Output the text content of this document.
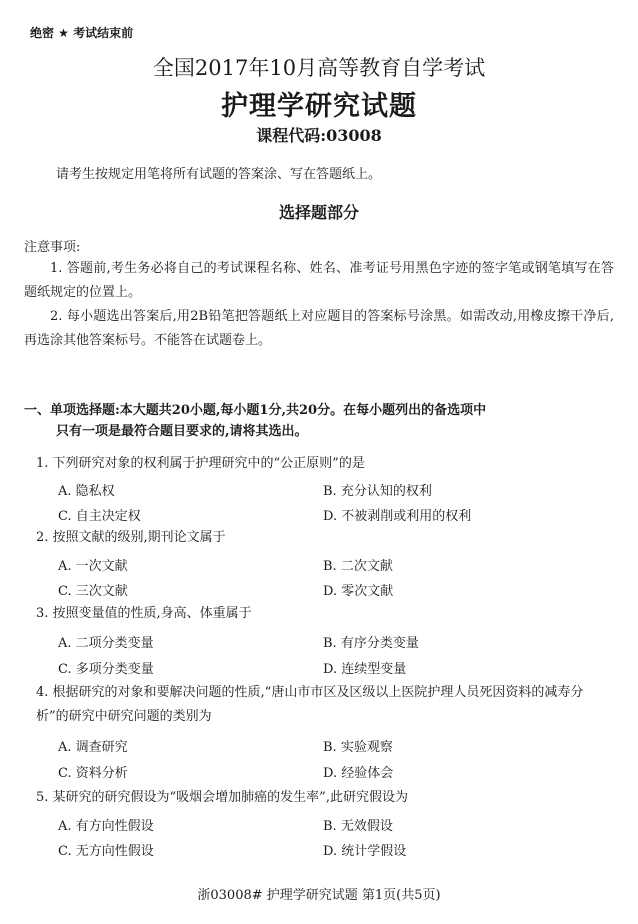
绝密 ★ 考试结束前
全国2017年10月高等教育自学考试
护理学研究试题
课程代码:03008
请考生按规定用笔将所有试题的答案涂、写在答题纸上。
选择题部分
注意事项:
1. 答题前,考生务必将自己的考试课程名称、姓名、准考证号用黑色字迹的签字笔或钢笔填写在答题纸规定的位置上。
2. 每小题选出答案后,用2B铅笔把答题纸上对应题目的答案标号涂黑。如需改动,用橡皮擦干净后,再选涂其他答案标号。不能答在试题卷上。
一、单项选择题:本大题共20小题,每小题1分,共20分。在每小题列出的备选项中
只有一项是最符合题目要求的,请将其选出。
1. 下列研究对象的权利属于护理研究中的“公正原则”的是
A. 隐私权	B. 充分认知的权利
C. 自主决定权	D. 不被剥削或利用的权利
2. 按照文献的级别,期刊论文属于
A. 一次文献	B. 二次文献
C. 三次文献	D. 零次文献
3. 按照变量值的性质,身高、体重属于
A. 二项分类变量	B. 有序分类变量
C. 多项分类变量	D. 连续型变量
4. 根据研究的对象和要解决问题的性质,“唐山市市区及区级以上医院护理人员死因资料的减寿分析”的研究中研究问题的类别为
A. 调查研究	B. 实验观察
C. 资料分析	D. 经验体会
5. 某研究的研究假设为“吸烟会增加肺癌的发生率”,此研究假设为
A. 有方向性假设	B. 无效假设
C. 无方向性假设	D. 统计学假设
浙03008# 护理学研究试题 第1页(共5页)
